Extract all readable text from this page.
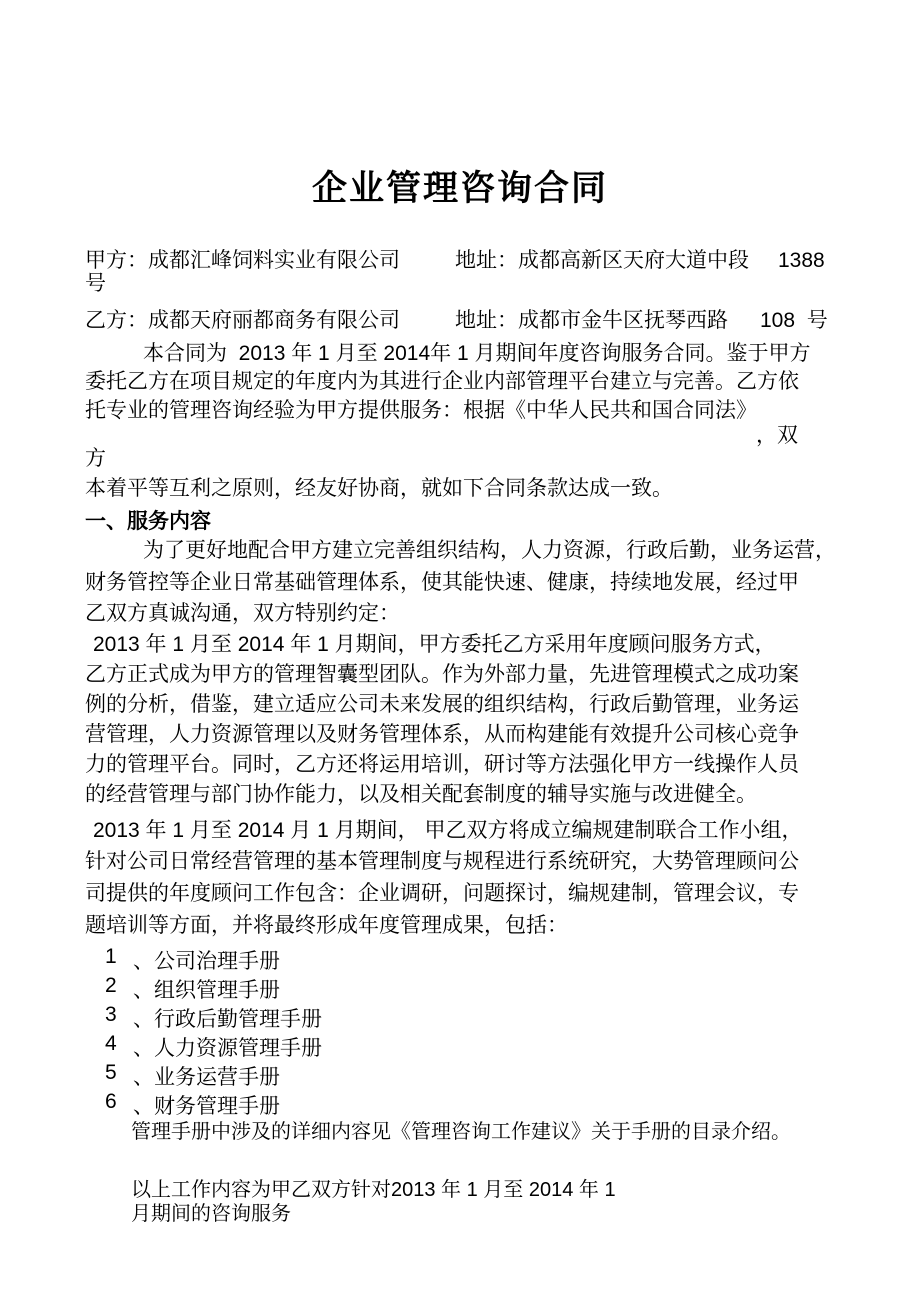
企业管理咨询合同
甲方：成都汇峰饲料实业有限公司	地址：成都高新区天府大道中段 1388
号
乙方：成都天府丽都商务有限公司	地址：成都市金牛区抚琴西路 108  号
本合同为  2013 年 1 月至 2014年 1 月期间年度咨询服务合同。鉴于甲方
委托乙方在项目规定的年度内为其进行企业内部管理平台建立与完善。乙方依
托专业的管理咨询经验为甲方提供服务：根据《中华人民共和国合同法》
，双
方
本着平等互利之原则，经友好协商，就如下合同条款达成一致。
一、服务内容
为了更好地配合甲方建立完善组织结构，人力资源，行政后勤，业务运营，
财务管控等企业日常基础管理体系，使其能快速、健康，持续地发展，经过甲
乙双方真诚沟通，双方特别约定：
2013 年 1 月至 2014 年 1 月期间，甲方委托乙方采用年度顾问服务方式，
乙方正式成为甲方的管理智囊型团队。作为外部力量，先进管理模式之成功案
例的分析，借鉴，建立适应公司未来发展的组织结构，行政后勤管理，业务运
营管理，人力资源管理以及财务管理体系，从而构建能有效提升公司核心竞争
力的管理平台。同时，乙方还将运用培训，研讨等方法强化甲方一线操作人员
的经营管理与部门协作能力，以及相关配套制度的辅导实施与改进健全。
2013 年 1 月至 2014 月 1 月期间， 甲乙双方将成立编规建制联合工作小组，
针对公司日常经营管理的基本管理制度与规程进行系统研究，大势管理顾问公
司提供的年度顾问工作包含：企业调研，问题探讨，编规建制，管理会议，专
题培训等方面，并将最终形成年度管理成果，包括：
1 、公司治理手册
2 、组织管理手册
3 、行政后勤管理手册
4 、人力资源管理手册
5 、业务运营手册
6 、财务管理手册
管理手册中涉及的详细内容见《管理咨询工作建议》关于手册的目录介绍。
以上工作内容为甲乙双方针对2013 年 1 月至 2014 年 1
月期间的咨询服务
